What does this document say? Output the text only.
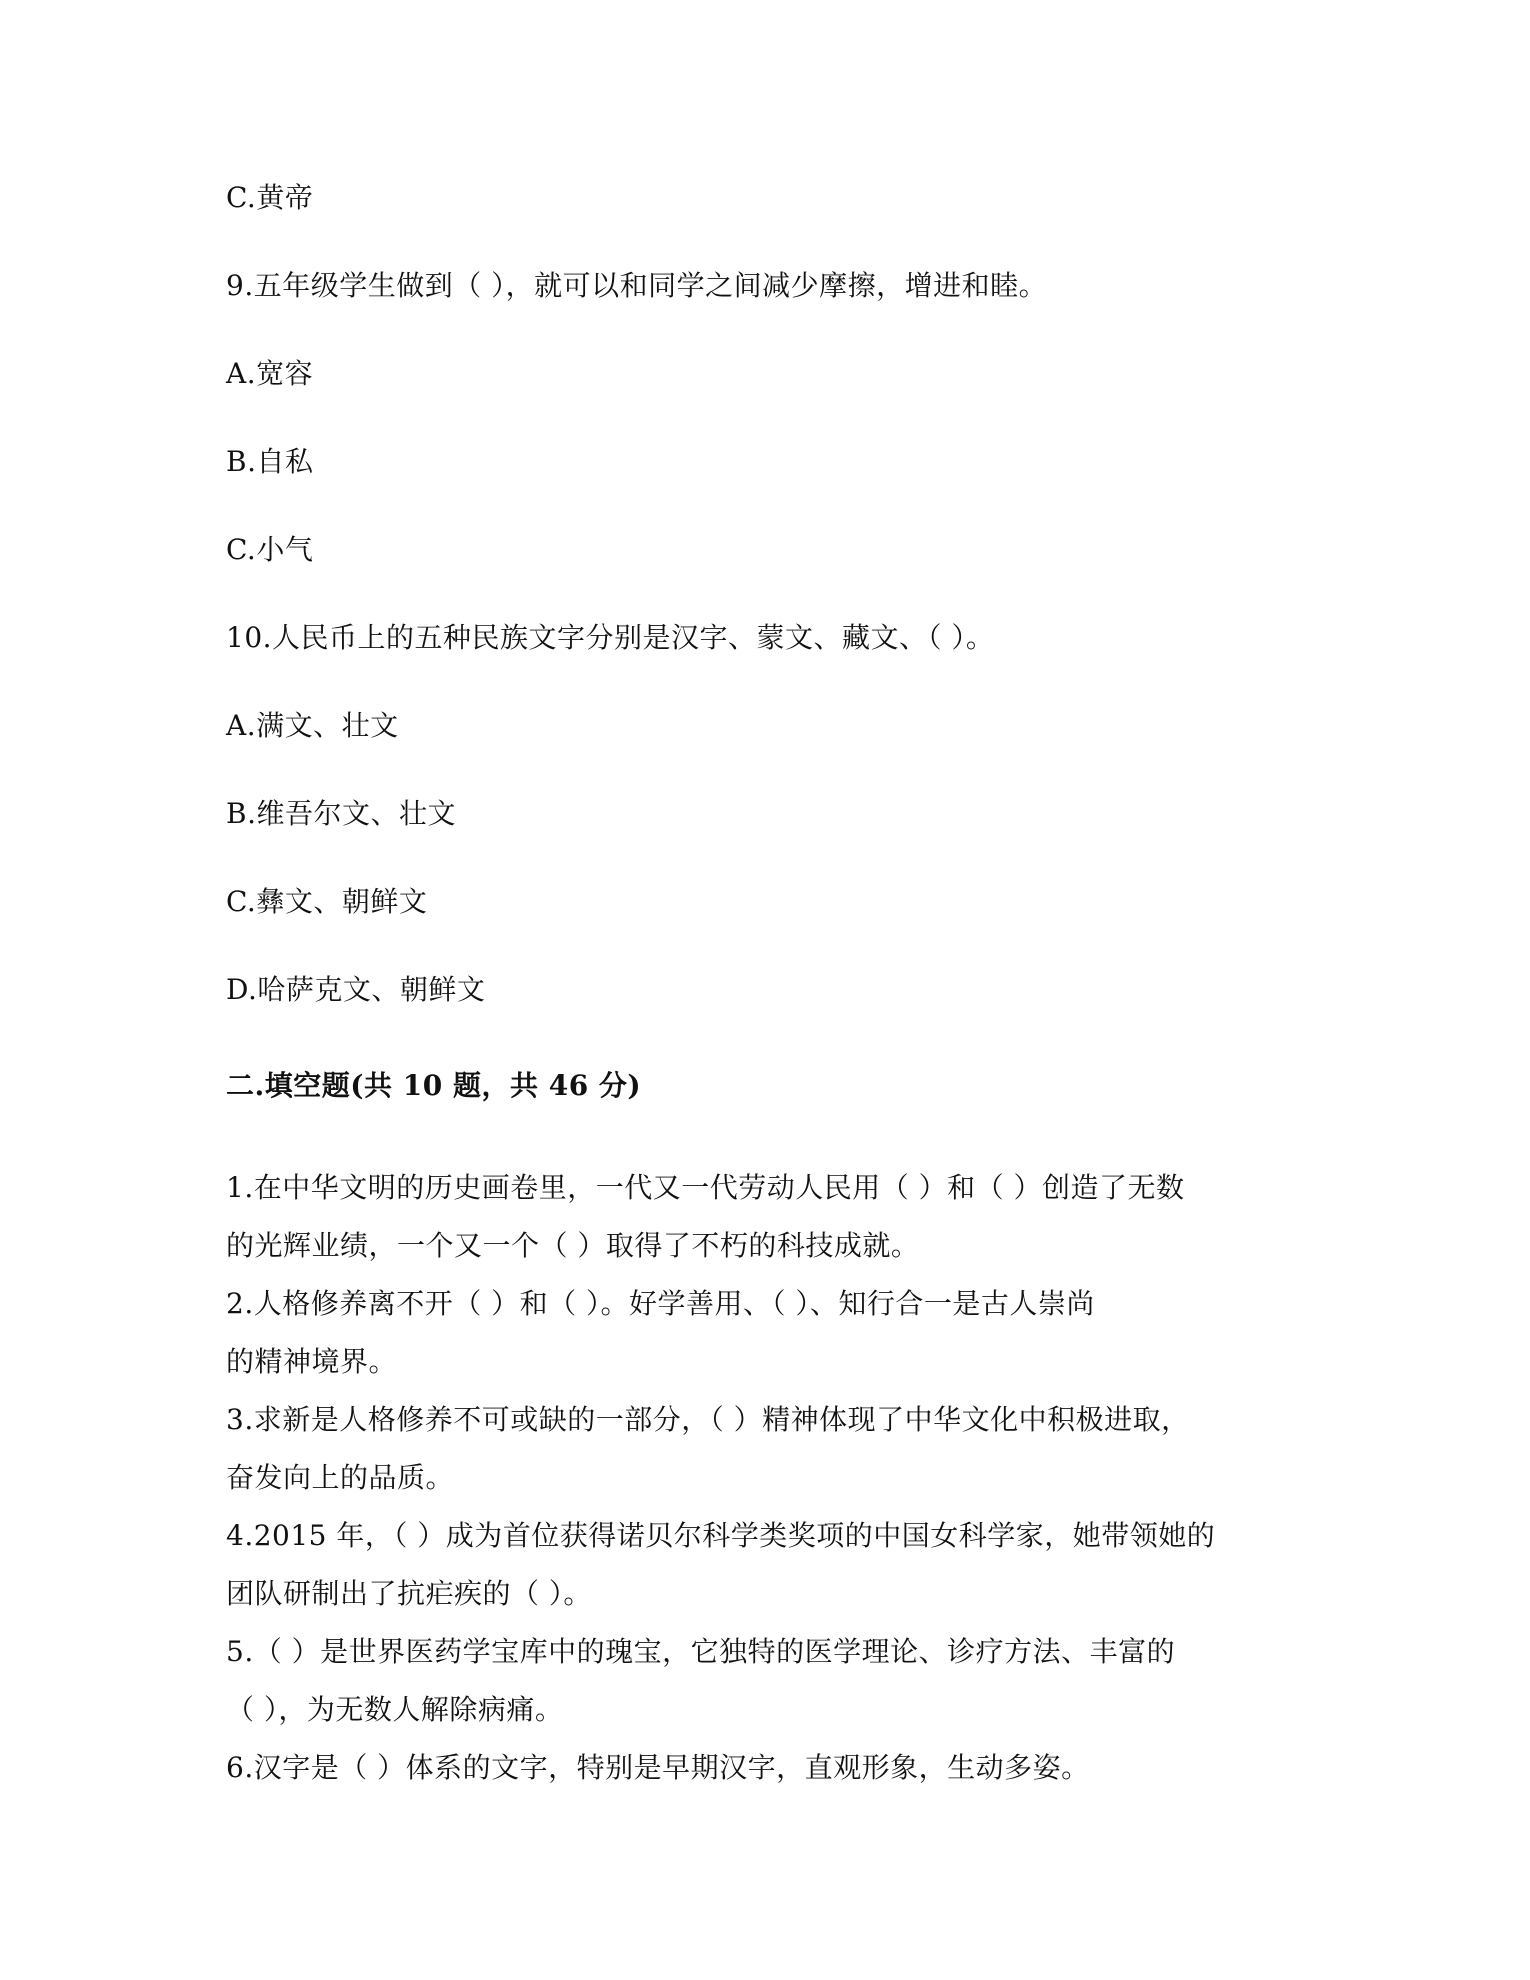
C.黄帝
9.五年级学生做到（ ），就可以和同学之间减少摩擦，增进和睦。
A.宽容
B.自私
C.小气
10.人民币上的五种民族文字分别是汉字、蒙文、藏文、（ ）。
A.满文、壮文
B.维吾尔文、壮文
C.彝文、朝鲜文
D.哈萨克文、朝鲜文
二.填空题(共 10 题，共 46 分)
1.在中华文明的历史画卷里，一代又一代劳动人民用（ ）和（ ）创造了无数
的光辉业绩，一个又一个（ ）取得了不朽的科技成就。
2.人格修养离不开（ ）和（ ）。好学善用、（ ）、知行合一是古人崇尚
的精神境界。
3.求新是人格修养不可或缺的一部分，（ ）精神体现了中华文化中积极进取，
奋发向上的品质。
4.2015 年，（ ）成为首位获得诺贝尔科学类奖项的中国女科学家，她带领她的
团队研制出了抗疟疾的（ ）。
5.（ ）是世界医药学宝库中的瑰宝，它独特的医学理论、诊疗方法、丰富的
（ ），为无数人解除病痛。
6.汉字是（ ）体系的文字，特别是早期汉字，直观形象，生动多姿。
